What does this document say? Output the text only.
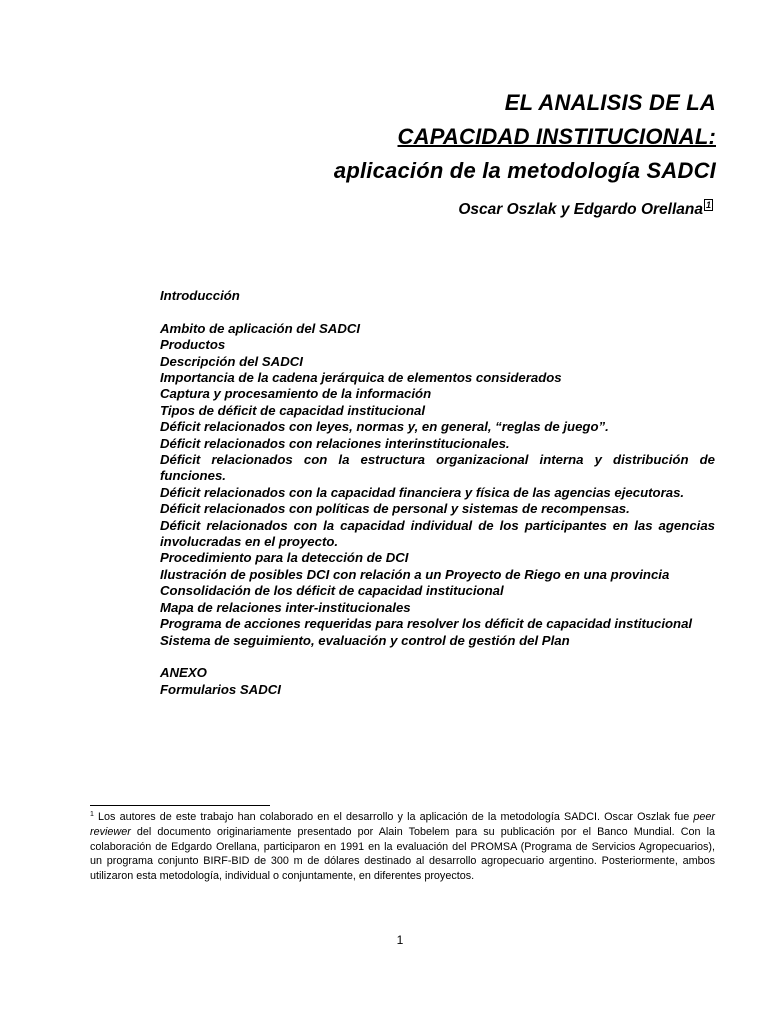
EL ANALISIS DE LA
CAPACIDAD INSTITUCIONAL:
aplicación de la metodología SADCI
Oscar Oszlak y Edgardo Orellana 1
Introducción
Ambito de aplicación del SADCI
Productos
Descripción del SADCI
Importancia de la cadena jerárquica de elementos considerados
Captura y procesamiento de la información
Tipos de déficit de capacidad institucional
Déficit relacionados con leyes, normas y, en general, “reglas de juego”.
Déficit relacionados con relaciones interinstitucionales.
Déficit relacionados con la estructura organizacional interna y distribución de funciones.
Déficit relacionados con la capacidad financiera y física de las agencias ejecutoras.
Déficit relacionados con políticas de personal y sistemas de recompensas.
Déficit relacionados con la capacidad individual de los participantes en las agencias involucradas en el proyecto.
Procedimiento para la detección de DCI
Ilustración de posibles DCI con relación a un Proyecto de Riego en una provincia
Consolidación de los déficit de capacidad institucional
Mapa de relaciones inter-institucionales
Programa de acciones requeridas para resolver los déficit de capacidad institucional
Sistema de seguimiento, evaluación y control de gestión del Plan
ANEXO
Formularios SADCI
$^1$ Los autores de este trabajo han colaborado en el desarrollo y la aplicación de la metodología SADCI. Oscar Oszlak fue peer reviewer del documento originariamente presentado por Alain Tobelem para su publicación por el Banco Mundial. Con la colaboración de Edgardo Orellana, participaron en 1991 en la evaluación del PROMSA (Programa de Servicios Agropecuarios), un programa conjunto BIRF-BID de 300 m de dólares destinado al desarrollo agropecuario argentino. Posteriormente, ambos utilizaron esta metodología, individual o conjuntamente, en diferentes proyectos.
1
